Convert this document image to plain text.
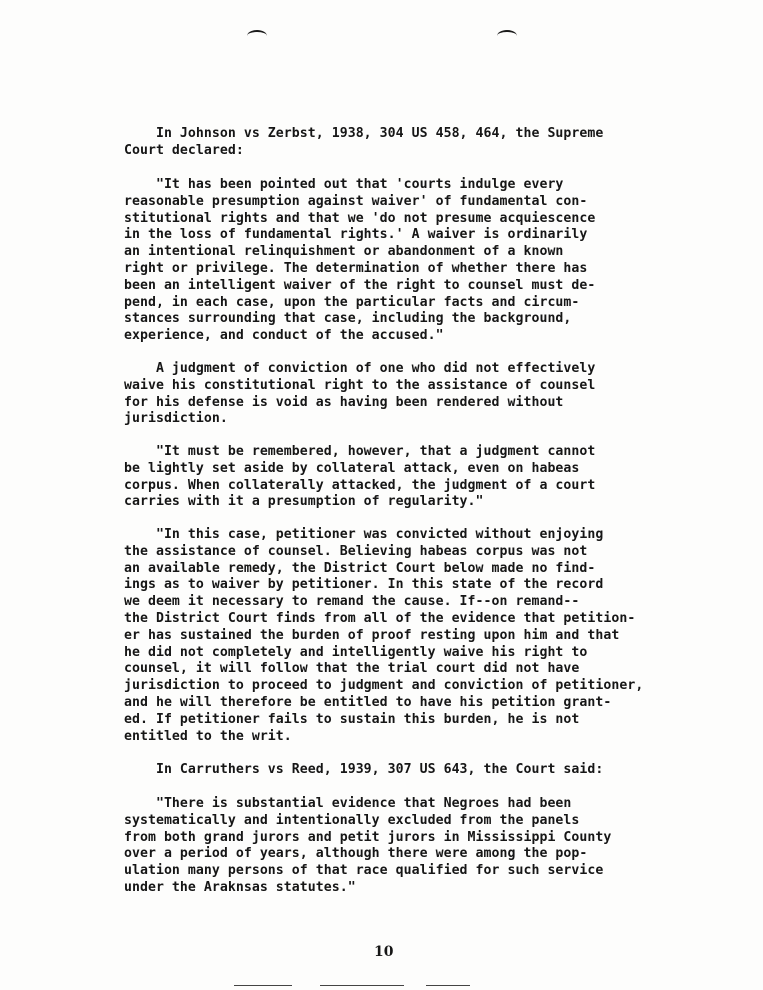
In Johnson vs Zerbst, 1938, 304 US 458, 464, the Supreme
Court declared:

"It has been pointed out that 'courts indulge every
reasonable presumption against waiver' of fundamental con-
stitutional rights and that we 'do not presume acquiescence
in the loss of fundamental rights.' A waiver is ordinarily
an intentional relinquishment or abandonment of a known
right or privilege. The determination of whether there has
been an intelligent waiver of the right to counsel must de-
pend, in each case, upon the particular facts and circum-
stances surrounding that case, including the background,
experience, and conduct of the accused."

A judgment of conviction of one who did not effectively
waive his constitutional right to the assistance of counsel
for his defense is void as having been rendered without
jurisdiction.

"It must be remembered, however, that a judgment cannot
be lightly set aside by collateral attack, even on habeas
corpus. When collaterally attacked, the judgment of a court
carries with it a presumption of regularity."

"In this case, petitioner was convicted without enjoying
the assistance of counsel. Believing habeas corpus was not
an available remedy, the District Court below made no find-
ings as to waiver by petitioner. In this state of the record
we deem it necessary to remand the cause. If--on remand--
the District Court finds from all of the evidence that petition-
er has sustained the burden of proof resting upon him and that
he did not completely and intelligently waive his right to
counsel, it will follow that the trial court did not have
jurisdiction to proceed to judgment and conviction of petitioner,
and he will therefore be entitled to have his petition grant-
ed. If petitioner fails to sustain this burden, he is not
entitled to the writ.

In Carruthers vs Reed, 1939, 307 US 643, the Court said:

"There is substantial evidence that Negroes had been
systematically and intentionally excluded from the panels
from both grand jurors and petit jurors in Mississippi County
over a period of years, although there were among the pop-
ulation many persons of that race qualified for such service
under the Araknsas statutes."

10
